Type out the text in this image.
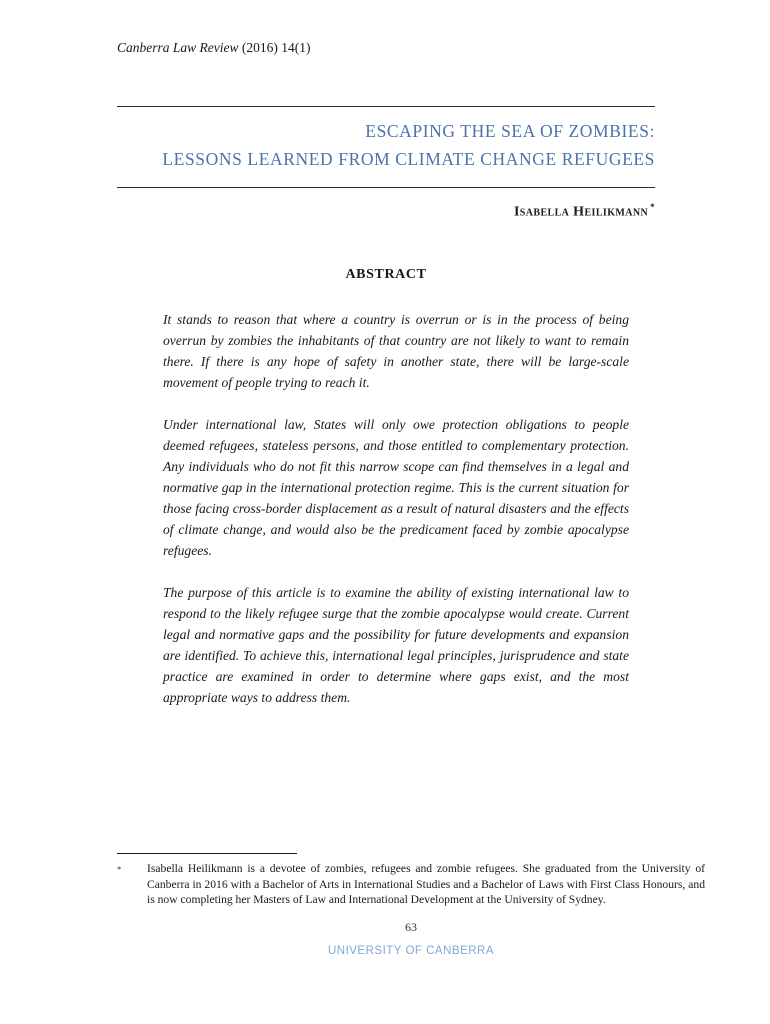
Canberra Law Review (2016) 14(1)
ESCAPING THE SEA OF ZOMBIES:
LESSONS LEARNED FROM CLIMATE CHANGE REFUGEES
Isabella Heilikmann *
ABSTRACT

It stands to reason that where a country is overrun or is in the process of being overrun by zombies the inhabitants of that country are not likely to want to remain there. If there is any hope of safety in another state, there will be large-scale movement of people trying to reach it.

Under international law, States will only owe protection obligations to people deemed refugees, stateless persons, and those entitled to complementary protection. Any individuals who do not fit this narrow scope can find themselves in a legal and normative gap in the international protection regime. This is the current situation for those facing cross-border displacement as a result of natural disasters and the effects of climate change, and would also be the predicament faced by zombie apocalypse refugees.

The purpose of this article is to examine the ability of existing international law to respond to the likely refugee surge that the zombie apocalypse would create. Current legal and normative gaps and the possibility for future developments and expansion are identified. To achieve this, international legal principles, jurisprudence and state practice are examined in order to determine where gaps exist, and the most appropriate ways to address them.

*	Isabella Heilikmann is a devotee of zombies, refugees and zombie refugees. She graduated from the University of Canberra in 2016 with a Bachelor of Arts in International Studies and a Bachelor of Laws with First Class Honours, and is now completing her Masters of Law and International Development at the University of Sydney.
63
UNIVERSITY OF CANBERRA
